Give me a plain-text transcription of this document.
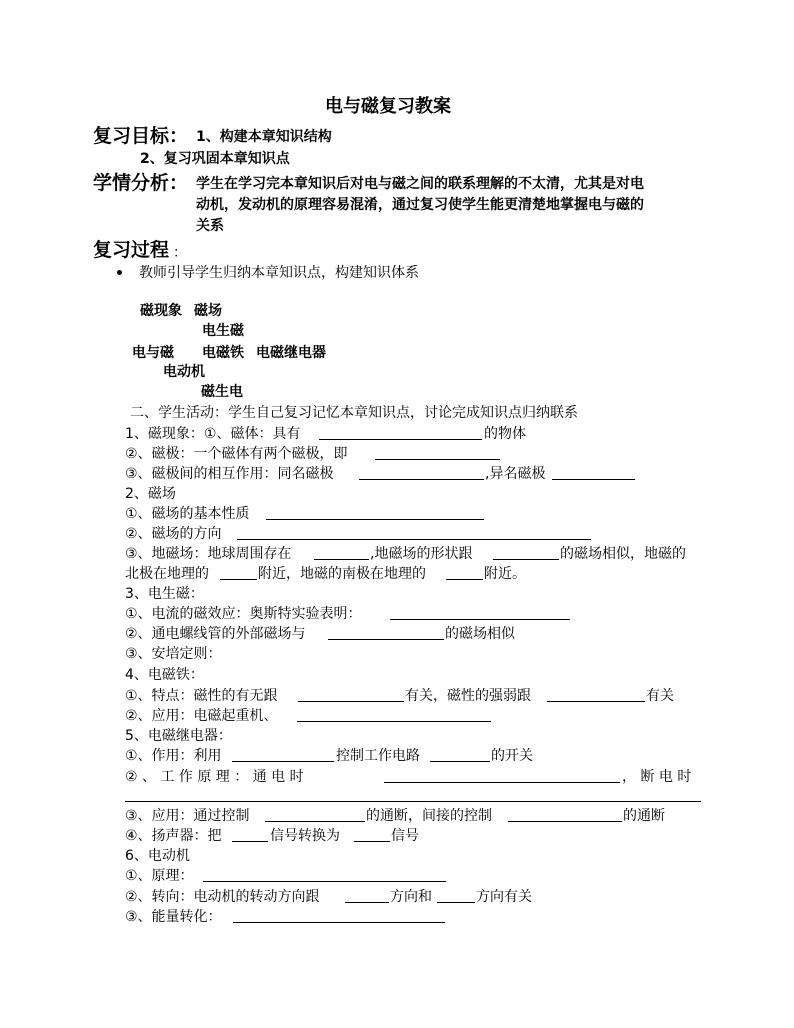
电与磁复习教案
复习目标： 1、构建本章知识结构
2、复习巩固本章知识点
学情分析： 学生在学习完本章知识后对电与磁之间的联系理解的不太清，尤其是对电
动机，发动机的原理容易混淆，通过复习使学生能更清楚地掌握电与磁的
关系
复习过程 ：
教师引导学生归纳本章知识点，构建知识体系
磁现象 磁场
电生磁
电与磁 电磁铁 电磁继电器
电动机
磁生电
二、学生活动：学生自己复习记忆本章知识点，讨论完成知识点归纳联系
1、磁现象：①、磁体：具有	的物体
②、磁极：一个磁体有两个磁极，即
③、磁极间的相互作用：同名磁极	,异名磁极
2、磁场
①、磁场的基本性质
②、磁场的方向
③、地磁场：地球周围存在	,地磁场的形状跟	的磁场相似，地磁的
北极在地理的	附近，地磁的南极在地理的	附近。
3、电生磁：
①、电流的磁效应：奥斯特实验表明：
②、通电螺线管的外部磁场与	的磁场相似
③、安培定则：
4、电磁铁：
①、特点：磁性的有无跟	有关，磁性的强弱跟	有关
②、应用：电磁起重机、
5、电磁继电器：
①、作用：利用	控制工作电路	的开关
② 、 工 作 原 理 ： 通 电 时	， 断 电 时
③、应用：通过控制	的通断，间接的控制	的通断
④、扬声器：把	信号转换为	信号
6、电动机
①、原理：
②、转向：电动机的转动方向跟	方向和	方向有关
③、能量转化：
